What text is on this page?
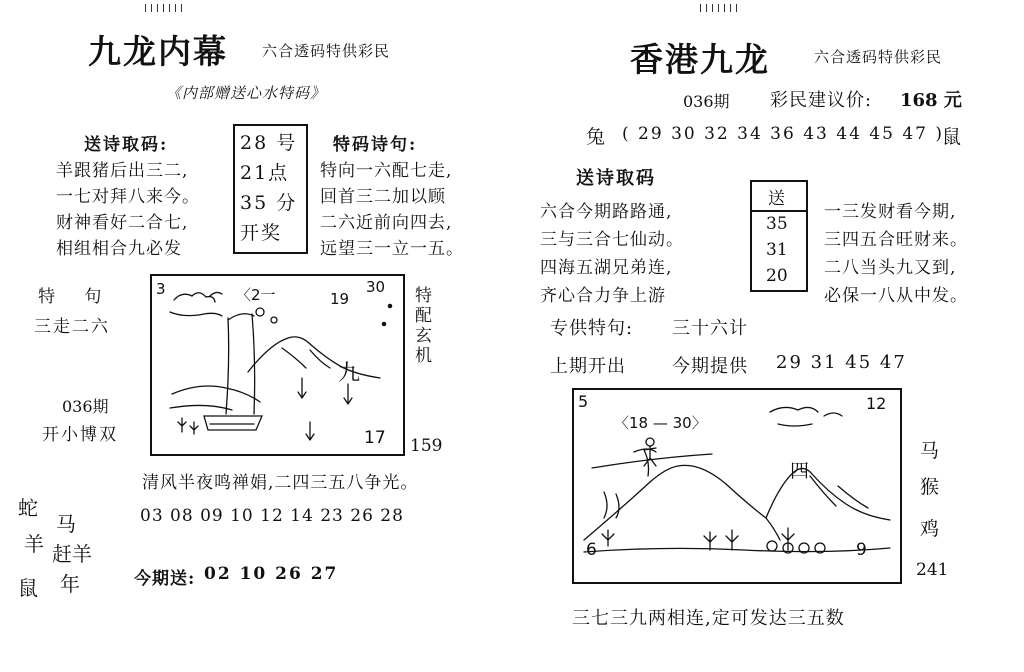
九龙内幕 六合透码特供彩民
《内部赠送心水特码》
送诗取码:
羊跟猪后出三二,
一七对拜八来今。
财神看好二合七,
相组相合九必发
28 号
21点
35 分
开奖
特码诗句:
特向一六配七走,
回首三二加以顾
二六近前向四去,
远望三一立一五。
特 句
三走二六
036期
开小博双
蛇
羊
鼠
马
赶羊
年
特配玄机
3	〈2一	19
30
九
17 159
清风半夜鸣禅娟,二四三五八争光。
03 08 09 10 12 14 23 26 28
今期送: 02 10 26 27
香港九龙	六合透码特供彩民
036期 彩民建议价: 168 元
兔 ( 29 30 32 34 36 43 44 45 47 )
鼠
送诗取码
六合今期路路通,
三与三合七仙动。
四海五湖兄弟连,
齐心合力争上游
送
35
31
20
一三发财看今期,
三四五合旺财来。
二八当头九又到,
必保一八从中发。
专供特句: 三十六计
上期开出	今期提供 29 31 45 47
马
猴
鸡
5
〈18 — 30〉
12
四
6	9
241
三七三九两相连,定可发达三五数
